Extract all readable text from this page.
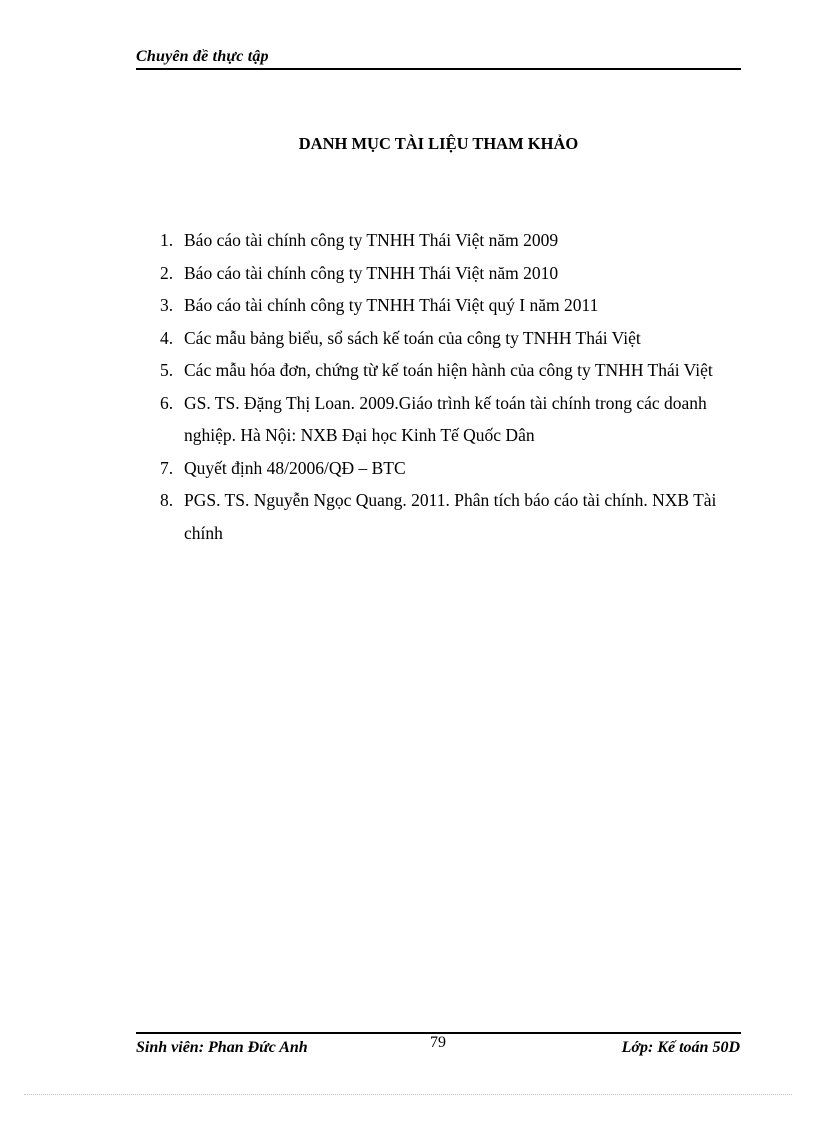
Chuyên đề thực tập
DANH MỤC TÀI LIỆU THAM KHẢO
1. Báo cáo tài chính công ty TNHH Thái Việt năm 2009
2. Báo cáo tài chính công ty TNHH Thái Việt năm 2010
3. Báo cáo tài chính công ty TNHH Thái Việt quý I năm 2011
4. Các mẫu bảng biểu, sổ sách kế toán của công ty TNHH Thái Việt
5. Các mẫu hóa đơn, chứng từ kế toán hiện hành của công ty TNHH Thái Việt
6. GS. TS. Đặng Thị Loan. 2009.Giáo trình kế toán tài chính trong các doanh nghiệp. Hà Nội: NXB Đại học Kinh Tế Quốc Dân
7. Quyết định 48/2006/QĐ – BTC
8. PGS. TS. Nguyễn Ngọc Quang. 2011. Phân tích báo cáo tài chính. NXB Tài chính
Sinh viên: Phan Đức Anh	79	Lớp: Kế toán 50D
